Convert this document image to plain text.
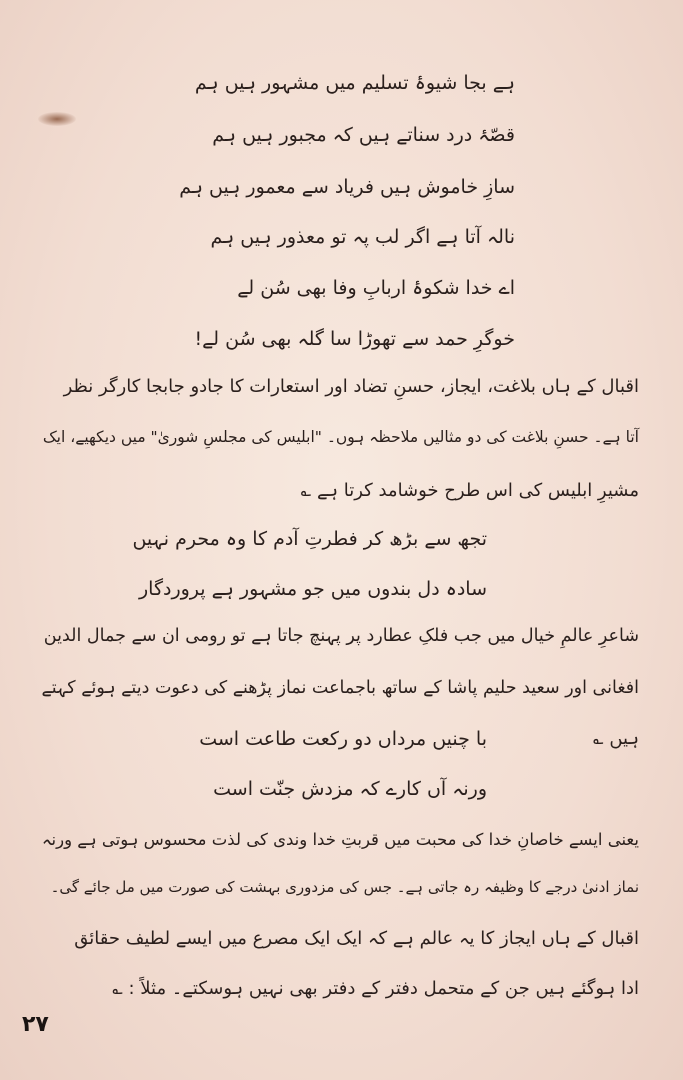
ہے بجا شیوۂ تسلیم میں مشہور ہیں ہم
قصّۂ درد سناتے ہیں کہ مجبور ہیں ہم
سازِ خاموش ہیں فریاد سے معمور ہیں ہم
نالہ آتا ہے اگر لب پہ تو معذور ہیں ہم
اے خدا شکوۂ اربابِ وفا بھی سُن لے
خوگرِ حمد سے تھوڑا سا گلہ بھی سُن لے!
اقبال کے ہاں بلاغت، ایجاز، حسنِ تضاد اور استعارات کا جادو جابجا کارگر نظر
آتا ہے۔ حسنِ بلاغت کی دو مثالیں ملاحظہ ہوں۔ "ابلیس کی مجلسِ شوریٰ" میں دیکھیے، ایک
مشیرِ ابلیس کی اس طرح خوشامد کرتا ہے ؎
تجھ سے بڑھ کر فطرتِ آدم کا وہ محرم نہیں
سادہ دل بندوں میں جو مشہور ہے پروردگار
شاعرِ عالمِ خیال میں جب فلکِ عطارد پر پہنچ جاتا ہے تو رومی ان سے جمال الدین
افغانی اور سعید حلیم پاشا کے ساتھ باجماعت نماز پڑھنے کی دعوت دیتے ہوئے کہتے
ہیں ؎
با چنیں مرداں دو رکعت طاعت است
ورنہ آں کارے کہ مزدش جنّت است
یعنی ایسے خاصانِ خدا کی محبت میں قربتِ خدا وندی کی لذت محسوس ہوتی ہے ورنہ
نماز ادنیٰ درجے کا وظیفہ رہ جاتی ہے۔ جس کی مزدوری بہشت کی صورت میں مل جائے گی۔
اقبال کے ہاں ایجاز کا یہ عالم ہے کہ ایک ایک مصرع میں ایسے لطیف حقائق
ادا ہوگئے ہیں جن کے متحمل دفتر کے دفتر بھی نہیں ہوسکتے۔ مثلاً : ؎
۲۷
